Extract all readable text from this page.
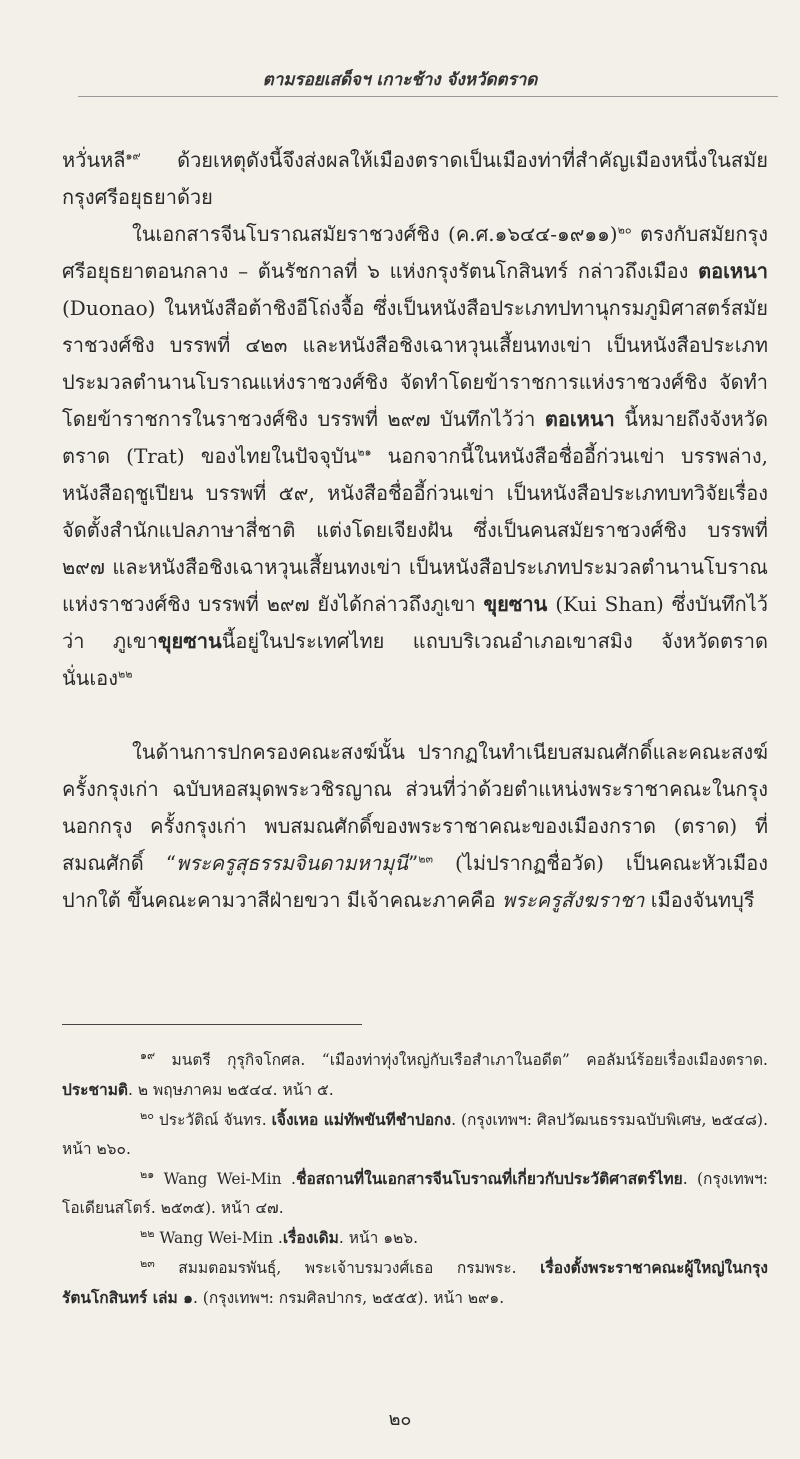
ตามรอยเสด็จฯ เกาะช้าง จังหวัดตราด

หวั่นหลี$^{๑๙}$ ด้วยเหตุดังนี้จึงส่งผลให้เมืองตราดเป็นเมืองท่าที่สำคัญเมืองหนึ่งในสมัยกรุงศรีอยุธยาด้วย

ในเอกสารจีนโบราณสมัยราชวงศ์ชิง (ค.ศ.๑๖๔๔-๑๙๑๑)$^{๒๐}$ ตรงกับสมัยกรุงศรีอยุธยาตอนกลาง – ต้นรัชกาลที่ ๖ แห่งกรุงรัตนโกสินทร์ กล่าวถึงเมือง ตอเหนา (Duonao) ในหนังสือต้าชิงอีโถ่งจื้อ ซึ่งเป็นหนังสือประเภทปทานุกรมภูมิศาสตร์สมัยราชวงศ์ชิง บรรพที่ ๔๒๓ และหนังสือชิงเฉาหวุนเสี้ยนทงเข่า เป็นหนังสือประเภทประมวลตำนานโบราณแห่งราชวงศ์ชิง จัดทำโดยข้าราชการแห่งราชวงศ์ชิง จัดทำโดยข้าราชการในราชวงศ์ชิง บรรพที่ ๒๙๗ บันทึกไว้ว่า ตอเหนา นี้หมายถึงจังหวัดตราด (Trat) ของไทยในปัจจุบัน$^{๒๑}$ นอกจากนี้ในหนังสือชื่ออี้ก่วนเข่า บรรพล่าง, หนังสือฤชูเปียน บรรพที่ ๕๙, หนังสือชื่ออี้ก่วนเข่า เป็นหนังสือประเภทบทวิจัยเรื่องจัดตั้งสำนักแปลภาษาสี่ชาติ แต่งโดยเจียงฝัน ซึ่งเป็นคนสมัยราชวงศ์ชิง บรรพที่ ๒๙๗ และหนังสือชิงเฉาหวุนเสี้ยนทงเข่า เป็นหนังสือประเภทประมวลตำนานโบราณแห่งราชวงศ์ชิง บรรพที่ ๒๙๗ ยังได้กล่าวถึงภูเขา ขุยซาน (Kui Shan) ซึ่งบันทึกไว้ว่า ภูเขาขุยซานนี้อยู่ในประเทศไทย แถบบริเวณอำเภอเขาสมิง จังหวัดตราด นั่นเอง$^{๒๒}$

ในด้านการปกครองคณะสงฆ์นั้น ปรากฏในทำเนียบสมณศักดิ์และคณะสงฆ์ครั้งกรุงเก่า ฉบับหอสมุดพระวชิรญาณ ส่วนที่ว่าด้วยตำแหน่งพระราชาคณะในกรุงนอกกรุง ครั้งกรุงเก่า พบสมณศักดิ์ของพระราชาคณะของเมืองกราด (ตราด) ที่สมณศักดิ์ “พระครูสุธรรมจินดามหามุนี”$^{๒๓}$ (ไม่ปรากฏชื่อวัด) เป็นคณะหัวเมืองปากใต้ ขึ้นคณะคามวาสีฝ่ายขวา มีเจ้าคณะภาคคือ พระครูสังฆราชา เมืองจันทบุรี

$^{๑๙}$ มนตรี กุรุกิจโกศล. “เมืองท่าทุ่งใหญ่กับเรือสำเภาในอดีต” คอลัมน์ร้อยเรื่องเมืองตราด. ประชามติ. ๒ พฤษภาคม ๒๕๔๔. หน้า ๕.

$^{๒๐}$ ประวัติณ์ จันทร. เจิ้งเหอ แม่ทัพขันทีชำปอกง. (กรุงเทพฯ: ศิลปวัฒนธรรมฉบับพิเศษ, ๒๕๔๘). หน้า ๒๖๐.

$^{๒๑}$ Wang Wei-Min .ชื่อสถานที่ในเอกสารจีนโบราณที่เกี่ยวกับประวัติศาสตร์ไทย. (กรุงเทพฯ: โอเดียนสโตร์. ๒๕๓๕). หน้า ๔๗.

$^{๒๒}$ Wang Wei-Min .เรื่องเดิม. หน้า ๑๒๖.

$^{๒๓}$ สมมตอมรพันธุ์, พระเจ้าบรมวงศ์เธอ กรมพระ. เรื่องตั้งพระราชาคณะผู้ใหญ่ในกรุงรัตนโกสินทร์ เล่ม ๑. (กรุงเทพฯ: กรมศิลปากร, ๒๕๕๕). หน้า ๒๙๑.

๒๐
